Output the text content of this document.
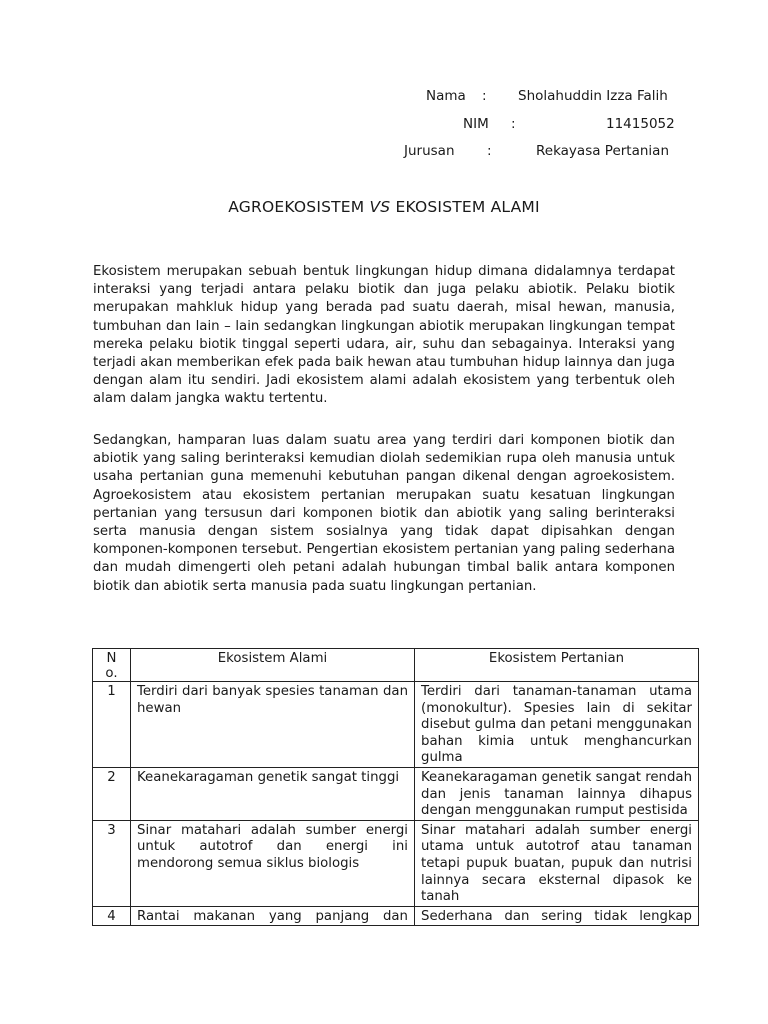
Nama : Sholahuddin Izza Falih
NIM :	11415052
Jurusan :	Rekayasa Pertanian
AGROEKOSISTEM VS EKOSISTEM ALAMI

Ekosistem merupakan sebuah bentuk lingkungan hidup dimana didalamnya terdapat interaksi yang terjadi antara pelaku biotik dan juga pelaku abiotik. Pelaku biotik merupakan mahkluk hidup yang berada pad suatu daerah, misal hewan, manusia, tumbuhan dan lain – lain sedangkan lingkungan abiotik merupakan lingkungan tempat mereka pelaku biotik tinggal seperti udara, air, suhu dan sebagainya. Interaksi yang terjadi akan memberikan efek pada baik hewan atau tumbuhan hidup lainnya dan juga dengan alam itu sendiri. Jadi ekosistem alami adalah ekosistem yang terbentuk oleh alam dalam jangka waktu tertentu.

Sedangkan, hamparan luas dalam suatu area yang terdiri dari komponen biotik dan abiotik yang saling berinteraksi kemudian diolah sedemikian rupa oleh manusia untuk usaha pertanian guna memenuhi kebutuhan pangan dikenal dengan agroekosistem. Agroekosistem atau ekosistem pertanian merupakan suatu kesatuan lingkungan pertanian yang tersusun dari komponen biotik dan abiotik yang saling berinteraksi serta manusia dengan sistem sosialnya yang tidak dapat dipisahkan dengan komponen-komponen tersebut. Pengertian ekosistem pertanian yang paling sederhana dan mudah dimengerti oleh petani adalah hubungan timbal balik antara komponen biotik dan abiotik serta manusia pada suatu lingkungan pertanian.

No.	Ekosistem Alami	Ekosistem Pertanian
1	Terdiri dari banyak spesies tanaman dan hewan	Terdiri dari tanaman-tanaman utama (monokultur). Spesies lain di sekitar disebut gulma dan petani menggunakan bahan kimia untuk menghancurkan gulma
2	Keanekaragaman genetik sangat tinggi	Keanekaragaman genetik sangat rendah dan jenis tanaman lainnya dihapus dengan menggunakan rumput pestisida
3	Sinar matahari adalah sumber energi untuk autotrof dan energi ini mendorong semua siklus biologis	Sinar matahari adalah sumber energi utama untuk autotrof atau tanaman tetapi pupuk buatan, pupuk dan nutrisi lainnya secara eksternal dipasok ke tanah
4	Rantai makanan yang panjang dan	Sederhana dan sering tidak lengkap
